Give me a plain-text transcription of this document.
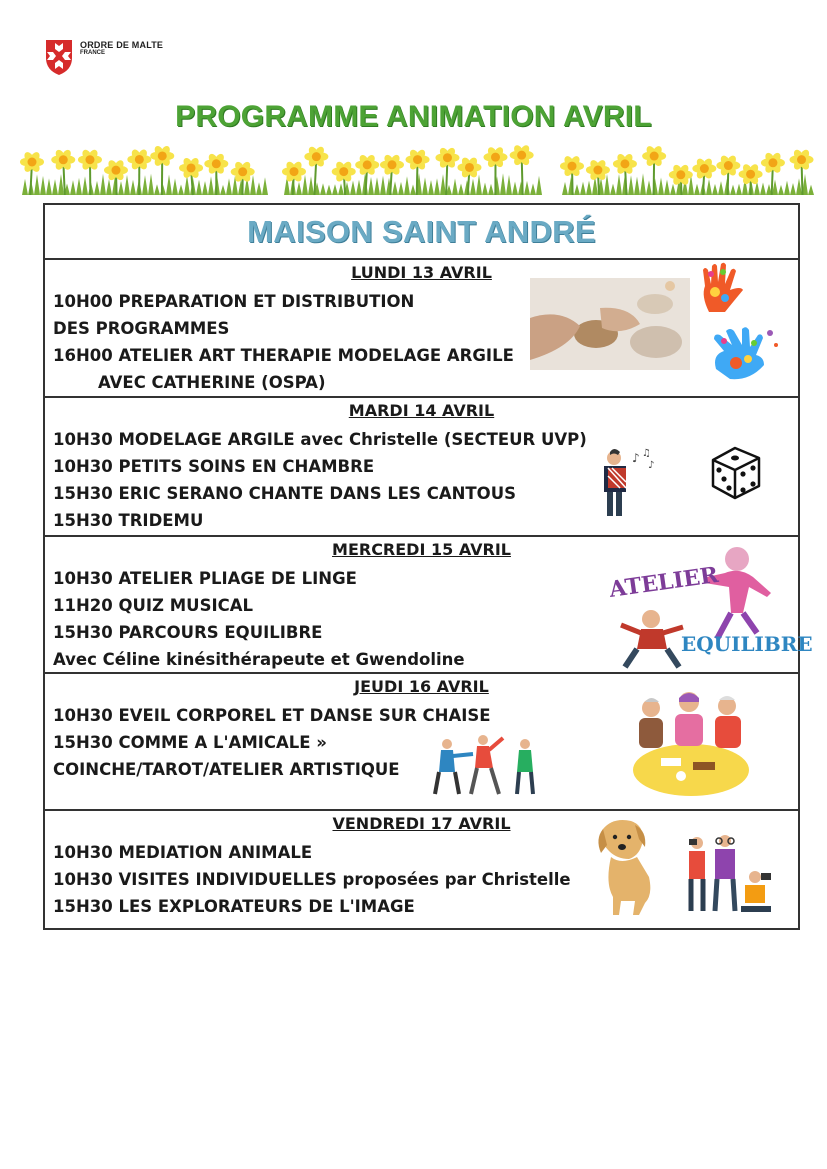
ORDRE DE MALTE
FRANCE
PROGRAMME ANIMATION AVRIL
MAISON SAINT ANDRÉ
LUNDI 13 AVRIL
10H00 PREPARATION ET DISTRIBUTION
DES PROGRAMMES
16H00 ATELIER ART THERAPIE MODELAGE ARGILE
AVEC CATHERINE (OSPA)
MARDI 14 AVRIL
10H30 MODELAGE ARGILE avec Christelle (SECTEUR UVP)
10H30 PETITS SOINS EN CHAMBRE
15H30 ERIC SERANO CHANTE DANS LES CANTOUS
15H30 TRIDEMU
♪ ♫
♪
MERCREDI 15 AVRIL
10H30 ATELIER PLIAGE DE LINGE
11H20 QUIZ MUSICAL
15H30 PARCOURS EQUILIBRE
Avec Céline kinésithérapeute et Gwendoline
ATELIER
EQUILIBRE
JEUDI 16 AVRIL
10H30 EVEIL CORPOREL ET DANSE SUR CHAISE
15H30 COMME A L'AMICALE »
COINCHE/TAROT/ATELIER ARTISTIQUE
VENDREDI 17 AVRIL
10H30 MEDIATION ANIMALE
10H30 VISITES INDIVIDUELLES proposées par Christelle
15H30 LES EXPLORATEURS DE L'IMAGE
